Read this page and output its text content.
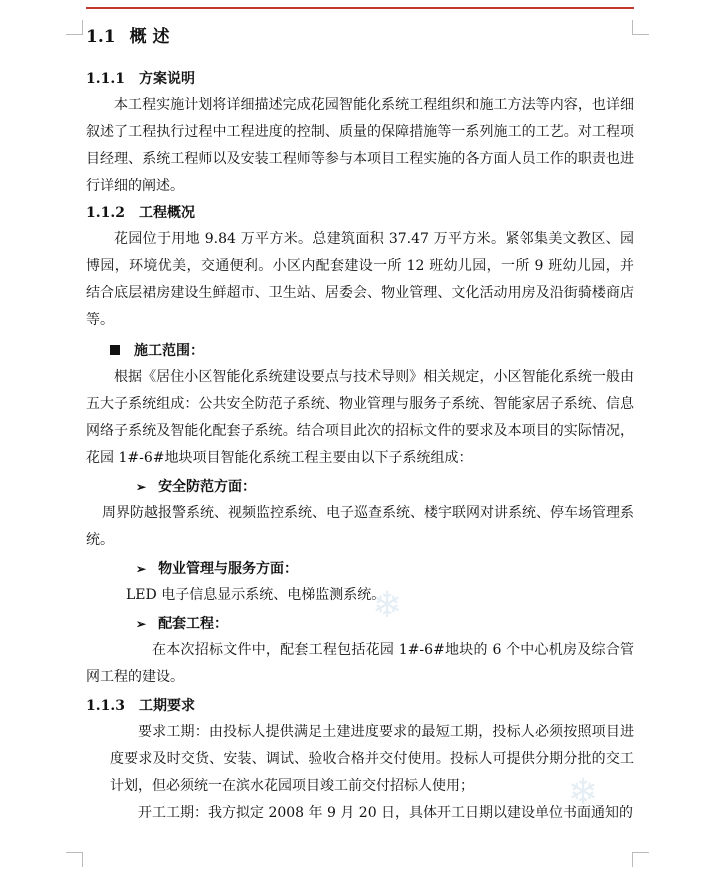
❄
❄
1.1 概 述
1.1.1 方案说明

本工程实施计划将详细描述完成花园智能化系统工程组织和施工方法等内容，也详细叙述了工程执行过程中工程进度的控制、质量的保障措施等一系列施工的工艺。对工程项目经理、系统工程师以及安装工程师等参与本项目工程实施的各方面人员工作的职责也进行详细的阐述。

1.1.2 工程概况

花园位于用地 9.84 万平方米。总建筑面积 37.47 万平方米。紧邻集美文教区、园博园，环境优美，交通便利。小区内配套建设一所 12 班幼儿园，一所 9 班幼儿园，并结合底层裙房建设生鲜超市、卫生站、居委会、物业管理、文化活动用房及沿街骑楼商店等。

施工范围：

根据《居住小区智能化系统建设要点与技术导则》相关规定，小区智能化系统一般由五大子系统组成：公共安全防范子系统、物业管理与服务子系统、智能家居子系统、信息网络子系统及智能化配套子系统。结合项目此次的招标文件的要求及本项目的实际情况，花园 1#-6#地块项目智能化系统工程主要由以下子系统组成：

➢ 安全防范方面：

周界防越报警系统、视频监控系统、电子巡查系统、楼宇联网对讲系统、停车场管理系统。

➢ 物业管理与服务方面：

LED 电子信息显示系统、电梯监测系统。

➢ 配套工程：

在本次招标文件中，配套工程包括花园 1#-6#地块的 6 个中心机房及综合管网工程的建设。

1.1.3 工期要求

要求工期：由投标人提供满足土建进度要求的最短工期，投标人必须按照项目进度要求及时交货、安装、调试、验收合格并交付使用。投标人可提供分期分批的交工计划，但必须统一在滨水花园项目竣工前交付招标人使用；

开工工期：我方拟定 2008 年 9 月 20 日，具体开工日期以建设单位书面通知的
